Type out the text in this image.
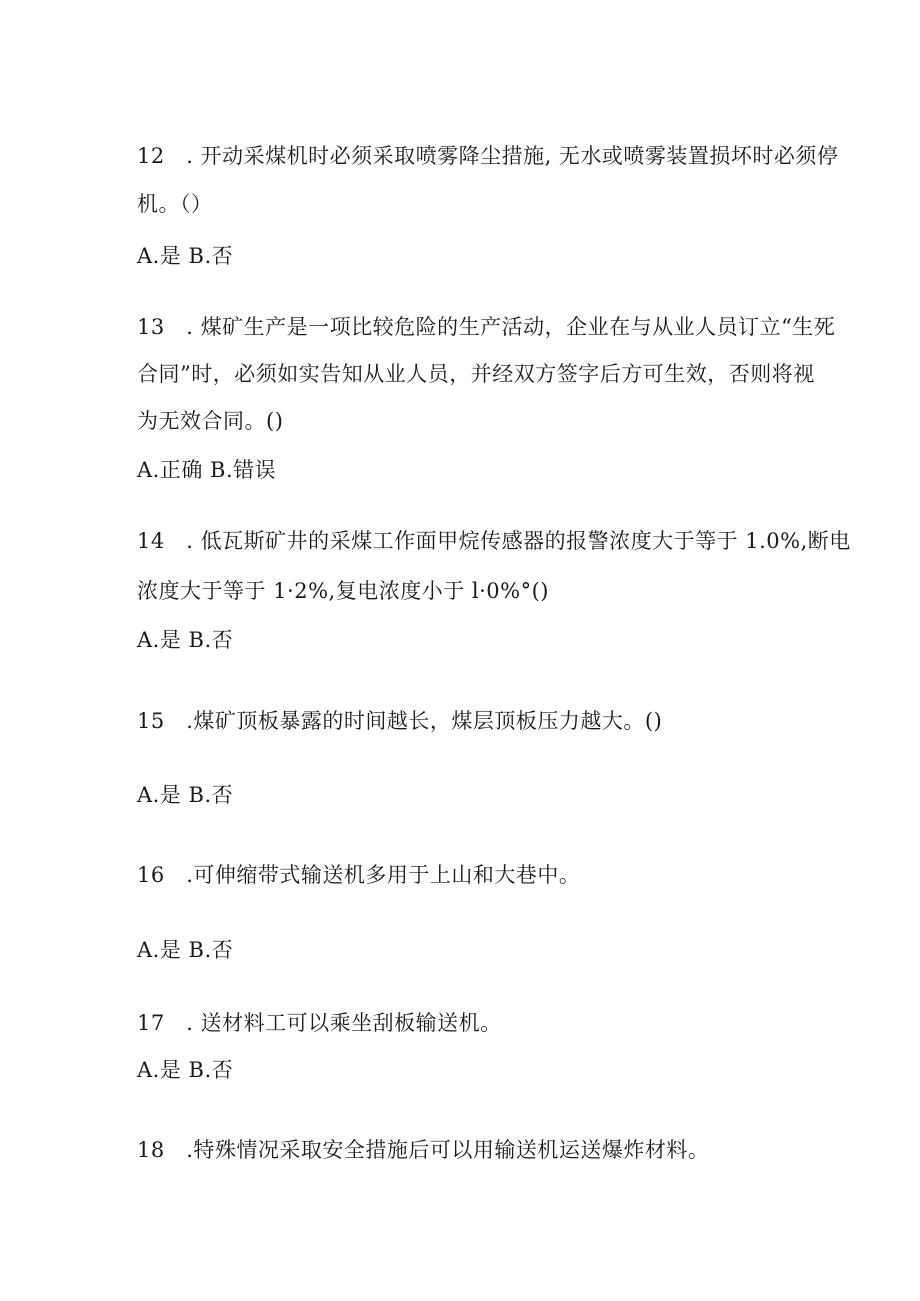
12　. 开动采煤机时必须采取喷雾降尘措施, 无水或喷雾装置损坏时必须停
机。（）
A.是 B.否
13　. 煤矿生产是一项比较危险的生产活动，企业在与从业人员订立“生死
合同”时，必须如实告知从业人员，并经双方签字后方可生效，否则将视
为无效合同。()
A.正确 B.错误
14　. 低瓦斯矿井的采煤工作面甲烷传感器的报警浓度大于等于 1.0%,断电
浓度大于等于 1·2%,复电浓度小于 l·0%°()
A.是 B.否
15　.煤矿顶板暴露的时间越长，煤层顶板压力越大。()
A.是 B.否
16　.可伸缩带式输送机多用于上山和大巷中。
A.是 B.否
17　. 送材料工可以乘坐刮板输送机。
A.是 B.否
18　.特殊情况采取安全措施后可以用输送机运送爆炸材料。
